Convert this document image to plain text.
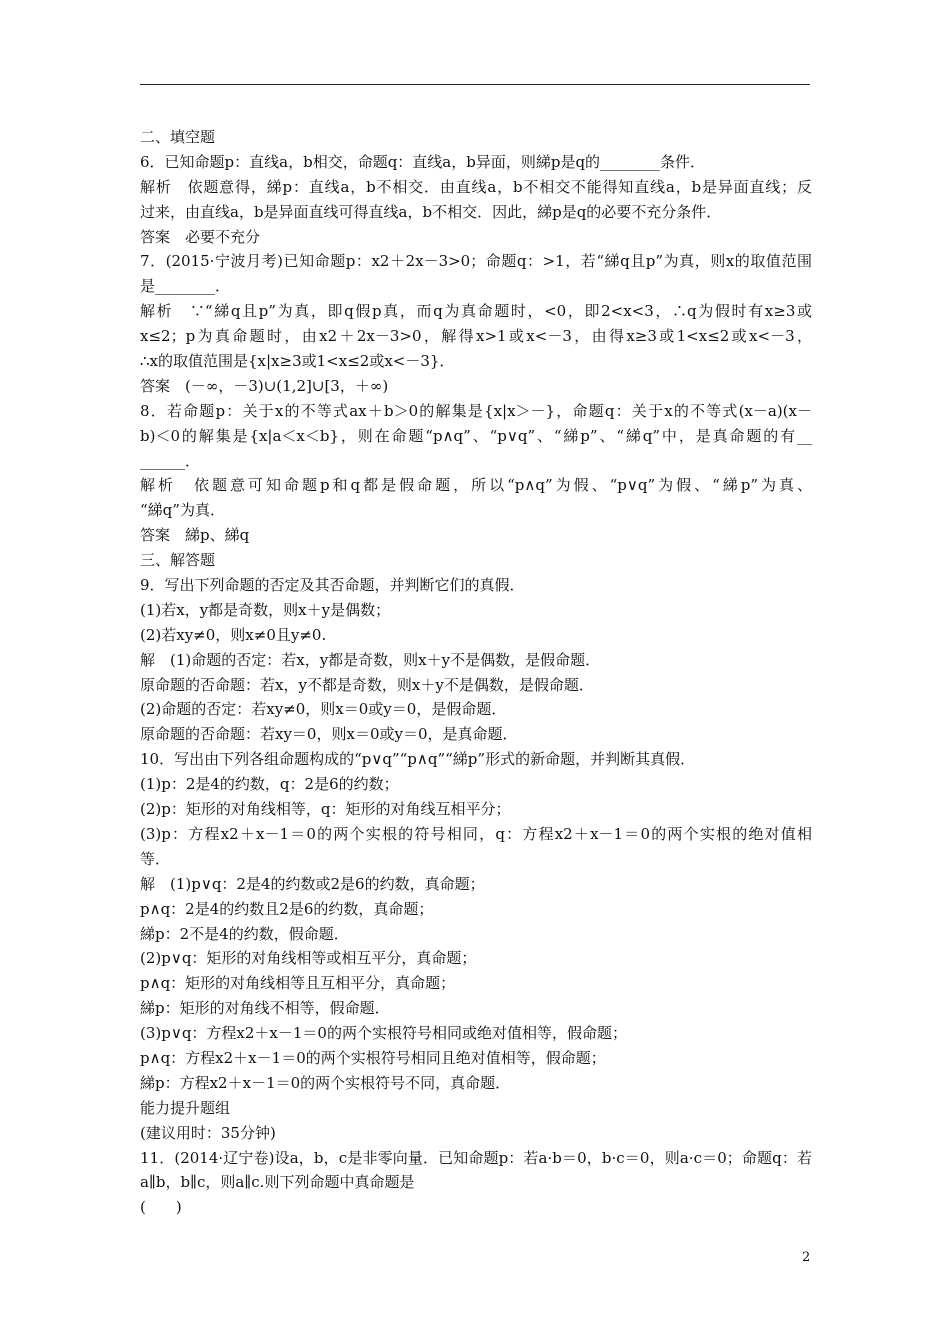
二、填空题
6．已知命题p：直线a，b相交，命题q：直线a，b异面，则綈p是q的________条件．
解析　依题意得，綈p：直线a，b不相交．由直线a，b不相交不能得知直线a，b是异面直线；反
过来，由直线a，b是异面直线可得直线a，b不相交．因此，綈p是q的必要不充分条件．
答案　必要不充分
7．(2015·宁波月考)已知命题p：x2＋2x－3>0；命题q：>1，若“綈q且p”为真，则x的取值范围
是________．
解析　∵“綈q且p”为真，即q假p真，而q为真命题时，<0，即2<x<3，∴q为假时有x≥3或
x≤2；p为真命题时，由x2＋2x－3>0，解得x>1或x<－3，由得x≥3或1<x≤2或x<－3，
∴x的取值范围是{x|x≥3或1<x≤2或x<－3}．
答案　(－∞，－3)∪(1,2]∪[3，＋∞)
8．若命题p：关于x的不等式ax＋b＞0的解集是{x|x＞－}，命题q：关于x的不等式(x－a)(x－
b)＜0的解集是{x|a＜x＜b}，则在命题“p∧q”、“p∨q”、“綈p”、“綈q”中，是真命题的有__
______．
解析　依题意可知命题p和q都是假命题，所以“p∧q”为假、“p∨q”为假、“綈p”为真、
“綈q”为真．
答案　綈p、綈q
三、解答题
9．写出下列命题的否定及其否命题，并判断它们的真假．
(1)若x，y都是奇数，则x＋y是偶数；
(2)若xy≠0，则x≠0且y≠0.
解　(1)命题的否定：若x，y都是奇数，则x＋y不是偶数，是假命题．
原命题的否命题：若x，y不都是奇数，则x＋y不是偶数，是假命题．
(2)命题的否定：若xy≠0，则x＝0或y＝0，是假命题．
原命题的否命题：若xy＝0，则x＝0或y＝0，是真命题．
10．写出由下列各组命题构成的“p∨q”“p∧q”“綈p”形式的新命题，并判断其真假．
(1)p：2是4的约数，q：2是6的约数；
(2)p：矩形的对角线相等，q：矩形的对角线互相平分；
(3)p：方程x2＋x－1＝0的两个实根的符号相同，q：方程x2＋x－1＝0的两个实根的绝对值相
等．
解　(1)p∨q：2是4的约数或2是6的约数，真命题；
p∧q：2是4的约数且2是6的约数，真命题；
綈p：2不是4的约数，假命题．
(2)p∨q：矩形的对角线相等或相互平分，真命题；
p∧q：矩形的对角线相等且互相平分，真命题；
綈p：矩形的对角线不相等，假命题．
(3)p∨q：方程x2＋x－1＝0的两个实根符号相同或绝对值相等，假命题；
p∧q：方程x2＋x－1＝0的两个实根符号相同且绝对值相等，假命题；
綈p：方程x2＋x－1＝0的两个实根符号不同，真命题．
能力提升题组
(建议用时：35分钟)
11．(2014·辽宁卷)设a，b，c是非零向量．已知命题p：若a·b＝0，b·c＝0，则a·c＝0；命题q：若
a∥b，b∥c，则a∥c.则下列命题中真命题是
(　　)
2
